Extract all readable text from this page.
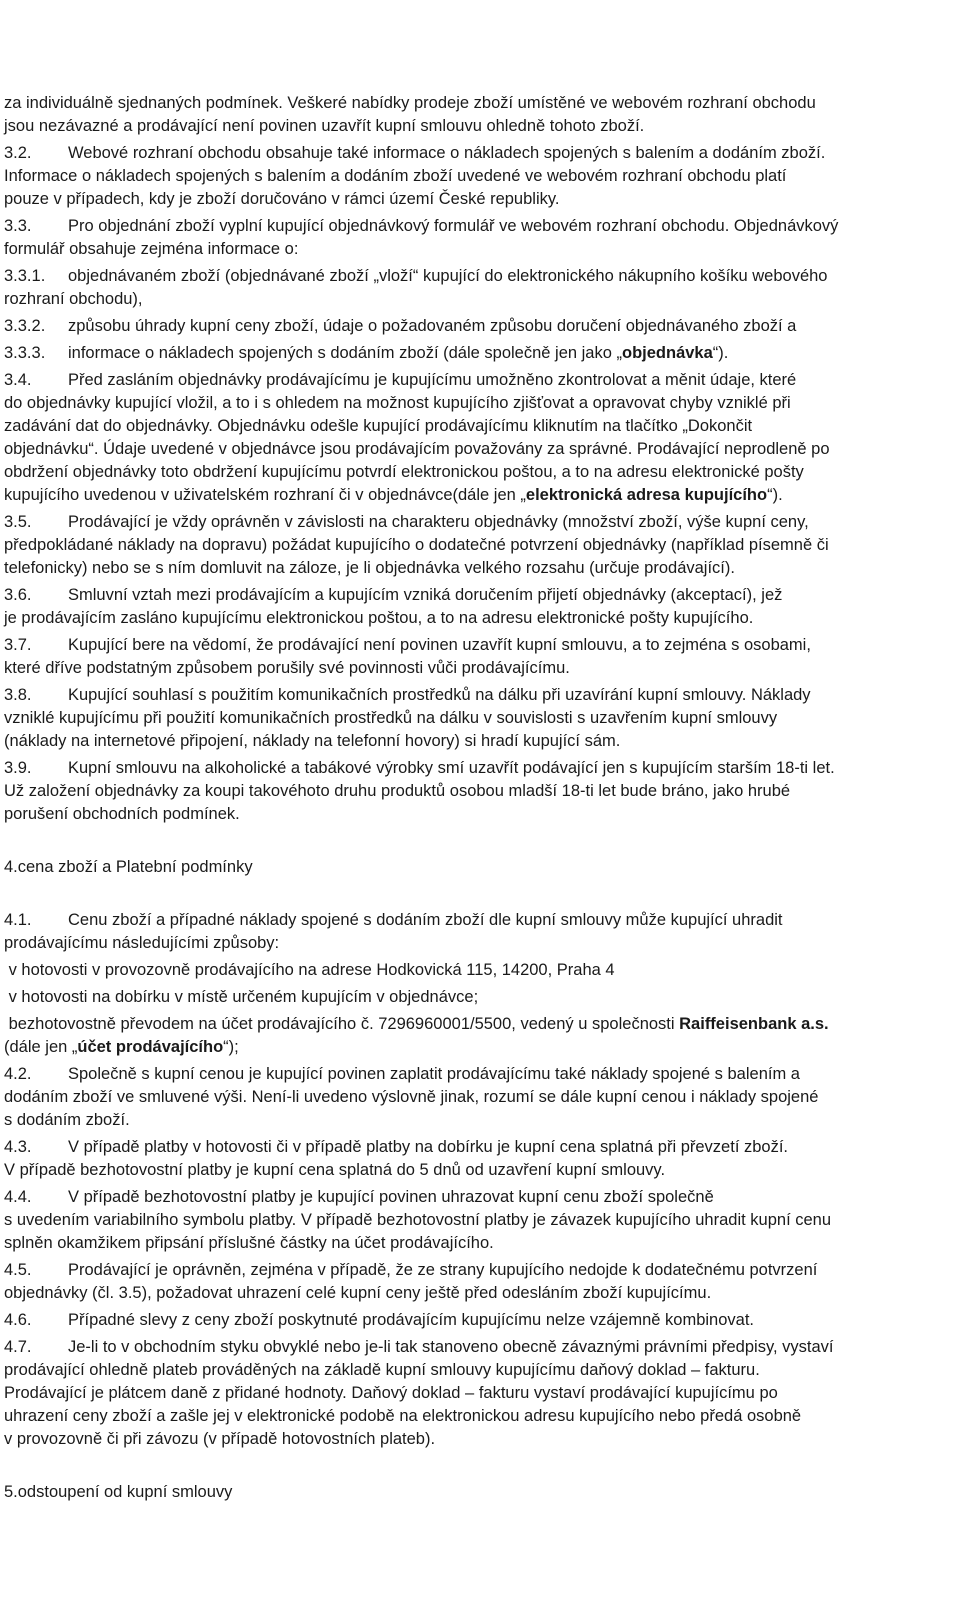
za individuálně sjednaných podmínek. Veškeré nabídky prodeje zboží umístěné ve webovém rozhraní obchodu
jsou nezávazné a prodávající není povinen uzavřít kupní smlouvu ohledně tohoto zboží.
3.2. Webové rozhraní obchodu obsahuje také informace o nákladech spojených s balením a dodáním zboží.
Informace o nákladech spojených s balením a dodáním zboží uvedené ve webovém rozhraní obchodu platí
pouze v případech, kdy je zboží doručováno v rámci území České republiky.
3.3. Pro objednání zboží vyplní kupující objednávkový formulář ve webovém rozhraní obchodu. Objednávkový
formulář obsahuje zejména informace o:
3.3.1. objednávaném zboží (objednávané zboží „vloží“ kupující do elektronického nákupního košíku webového
rozhraní obchodu),
3.3.2. způsobu úhrady kupní ceny zboží, údaje o požadovaném způsobu doručení objednávaného zboží a
3.3.3. informace o nákladech spojených s dodáním zboží (dále společně jen jako „objednávka“).
3.4. Před zasláním objednávky prodávajícímu je kupujícímu umožněno zkontrolovat a měnit údaje, které
do objednávky kupující vložil, a to i s ohledem na možnost kupujícího zjišťovat a opravovat chyby vzniklé při
zadávání dat do objednávky. Objednávku odešle kupující prodávajícímu kliknutím na tlačítko „Dokončit
objednávku“. Údaje uvedené v objednávce jsou prodávajícím považovány za správné. Prodávající neprodleně po
obdržení objednávky toto obdržení kupujícímu potvrdí elektronickou poštou, a to na adresu elektronické pošty
kupujícího uvedenou v uživatelském rozhraní či v objednávce(dále jen „elektronická adresa kupujícího“).
3.5. Prodávající je vždy oprávněn v závislosti na charakteru objednávky (množství zboží, výše kupní ceny,
předpokládané náklady na dopravu) požádat kupujícího o dodatečné potvrzení objednávky (například písemně či
telefonicky) nebo se s ním domluvit na záloze, je li objednávka velkého rozsahu (určuje prodávající).
3.6. Smluvní vztah mezi prodávajícím a kupujícím vzniká doručením přijetí objednávky (akceptací), jež
je prodávajícím zasláno kupujícímu elektronickou poštou, a to na adresu elektronické pošty kupujícího.
3.7. Kupující bere na vědomí, že prodávající není povinen uzavřít kupní smlouvu, a to zejména s osobami,
které dříve podstatným způsobem porušily své povinnosti vůči prodávajícímu.
3.8. Kupující souhlasí s použitím komunikačních prostředků na dálku při uzavírání kupní smlouvy. Náklady
vzniklé kupujícímu při použití komunikačních prostředků na dálku v souvislosti s uzavřením kupní smlouvy
(náklady na internetové připojení, náklady na telefonní hovory) si hradí kupující sám.
3.9. Kupní smlouvu na alkoholické a tabákové výrobky smí uzavřít podávající jen s kupujícím starším 18-ti let.
Už založení objednávky za koupi takovéhoto druhu produktů osobou mladší 18-ti let bude bráno, jako hrubé
porušení obchodních podmínek.
4.cena zboží a Platební podmínky
4.1. Cenu zboží a případné náklady spojené s dodáním zboží dle kupní smlouvy může kupující uhradit
prodávajícímu následujícími způsoby:
v hotovosti v provozovně prodávajícího na adrese Hodkovická 115, 14200, Praha 4
v hotovosti na dobírku v místě určeném kupujícím v objednávce;
bezhotovostně převodem na účet prodávajícího č. 7296960001/5500, vedený u společnosti Raiffeisenbank a.s.
(dále jen „účet prodávajícího“);
4.2. Společně s kupní cenou je kupující povinen zaplatit prodávajícímu také náklady spojené s balením a
dodáním zboží ve smluvené výši. Není-li uvedeno výslovně jinak, rozumí se dále kupní cenou i náklady spojené
s dodáním zboží.
4.3. V případě platby v hotovosti či v případě platby na dobírku je kupní cena splatná při převzetí zboží.
V případě bezhotovostní platby je kupní cena splatná do 5 dnů od uzavření kupní smlouvy.
4.4. V případě bezhotovostní platby je kupující povinen uhrazovat kupní cenu zboží společně
s uvedením variabilního symbolu platby. V případě bezhotovostní platby je závazek kupujícího uhradit kupní cenu
splněn okamžikem připsání příslušné částky na účet prodávajícího.
4.5. Prodávající je oprávněn, zejména v případě, že ze strany kupujícího nedojde k dodatečnému potvrzení
objednávky (čl. 3.5), požadovat uhrazení celé kupní ceny ještě před odesláním zboží kupujícímu.
4.6. Případné slevy z ceny zboží poskytnuté prodávajícím kupujícímu nelze vzájemně kombinovat.
4.7. Je-li to v obchodním styku obvyklé nebo je-li tak stanoveno obecně závaznými právními předpisy, vystaví
prodávající ohledně plateb prováděných na základě kupní smlouvy kupujícímu daňový doklad – fakturu.
Prodávající je plátcem daně z přidané hodnoty. Daňový doklad – fakturu vystaví prodávající kupujícímu po
uhrazení ceny zboží a zašle jej v elektronické podobě na elektronickou adresu kupujícího nebo předá osobně
v provozovně či při závozu (v případě hotovostních plateb).
5.odstoupení od kupní smlouvy
